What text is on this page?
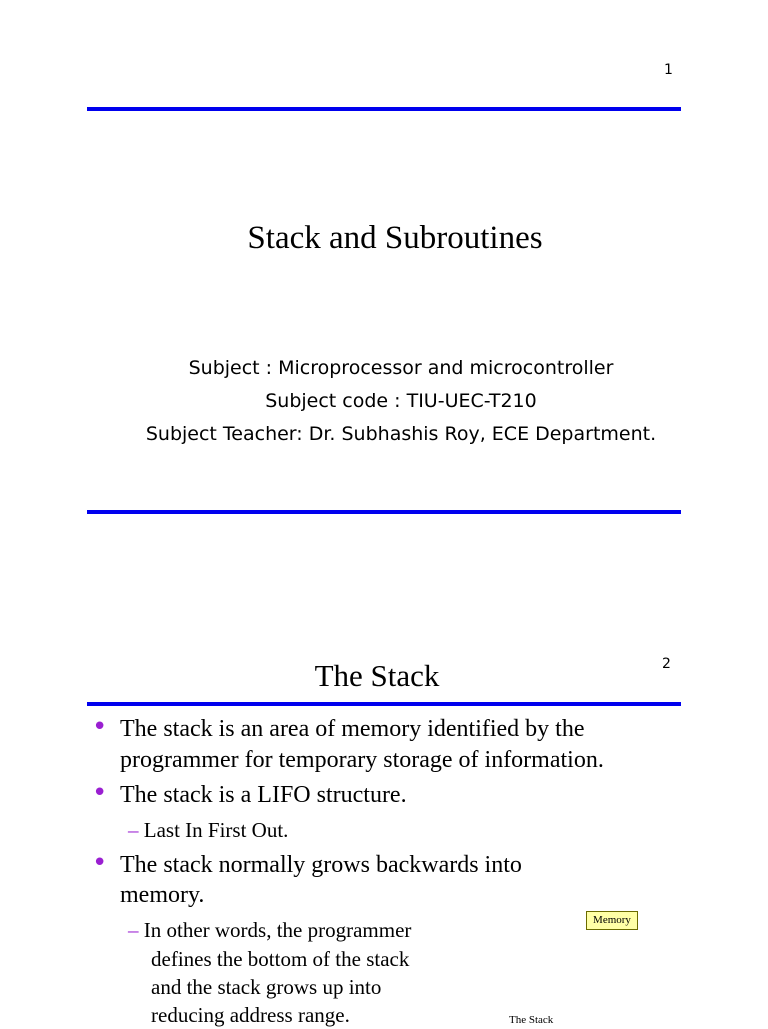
1
Stack and Subroutines
Subject : Microprocessor and microcontroller
Subject code : TIU-UEC-T210
Subject Teacher: Dr. Subhashis Roy, ECE Department.
2
The Stack
• The stack is an area of memory identified by the
programmer for temporary storage of information.
• The stack is a LIFO structure.
– Last In First Out.
• The stack normally grows backwards into
memory.
– In other words, the programmer
defines the bottom of the stack
and the stack grows up into
reducing address range.
Memory
The Stack
